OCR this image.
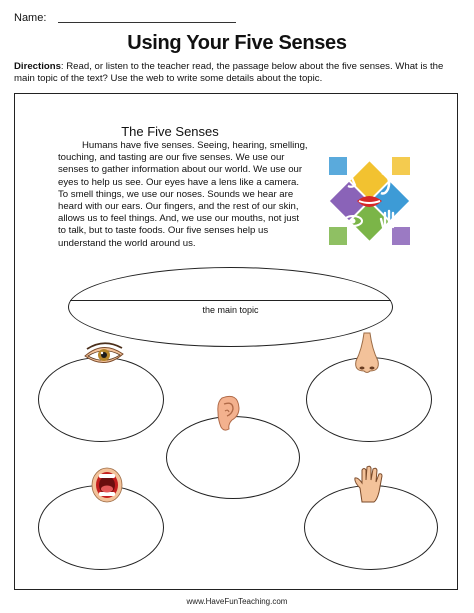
Name:
Using Your Five Senses
Directions: Read, or listen to the teacher read, the passage below about the five senses. What is the main topic of the text? Use the web to write some details about the topic.
The Five Senses
Humans have five senses. Seeing, hearing, smelling, touching, and tasting are our five senses. We use our senses to gather information about our world. We use our eyes to help us see. Our eyes have a lens like a camera. To smell things, we use our noses. Sounds we hear are heard with our ears. Our fingers, and the rest of our skin, allows us to feel things. And, we use our mouths, not just to talk, but to taste foods. Our five senses help us understand the world around us.
the main topic
www.HaveFunTeaching.com
